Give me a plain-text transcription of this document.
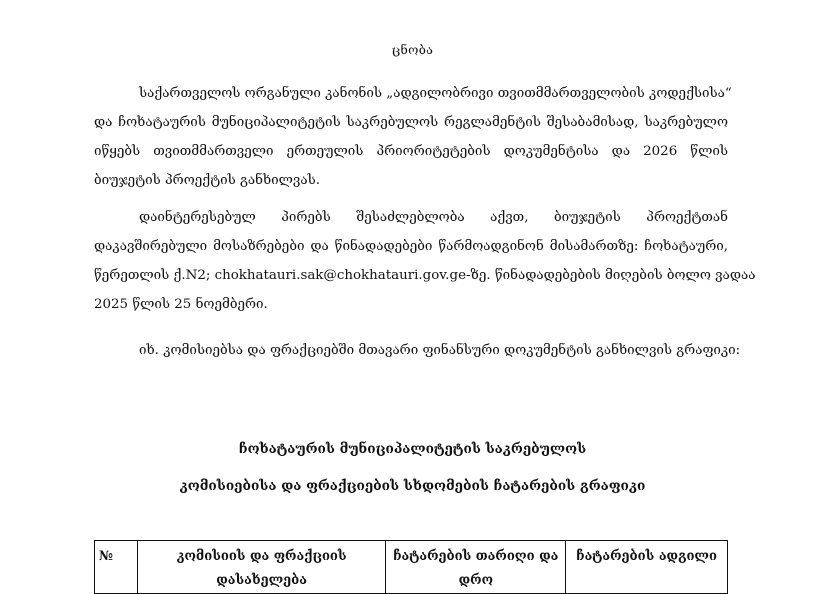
ცნობა
საქართველოს ორგანული კანონის „ადგილობრივი თვითმმართველობის კოდექსისა“
და ჩოხატაურის მუნიციპალიტეტის საკრებულოს რეგლამენტის შესაბამისად, საკრებულო
იწყებს თვითმმართველი ერთეულის პრიორიტეტების დოკუმენტისა და 2026 წლის
ბიუჯეტის პროექტის განხილვას.
დაინტერესებულ პირებს შესაძლებლობა აქვთ, ბიუჯეტის პროექტთან
დაკავშირებული მოსაზრებები და წინადადებები წარმოადგინონ მისამართზე: ჩოხატაური,
წერეთლის ქ.N2; chokhatauri.sak@chokhatauri.gov.ge-ზე. წინადადებების მიღების ბოლო ვადაა
2025 წლის 25 ნოემბერი.
იხ. კომისიებსა და ფრაქციებში მთავარი ფინანსური დოკუმენტის განხილვის გრაფიკი:
ჩოხატაურის მუნიციპალიტეტის საკრებულოს
კომისიებისა და ფრაქციების სხდომების ჩატარების გრაფიკი
№	კომისიის და ფრაქციის დასახელება	ჩატარების თარიღი და დრო	ჩატარების ადგილი
